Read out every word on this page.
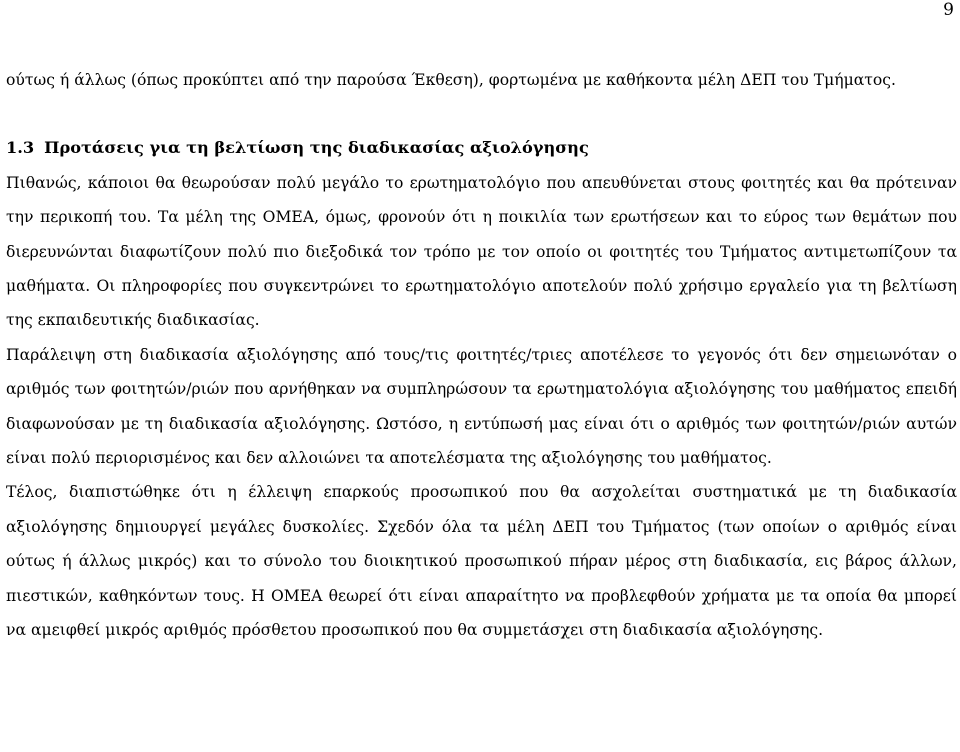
9

ούτως ή άλλως (όπως προκύπτει από την παρούσα Έκθεση), φορτωμένα με καθήκοντα μέλη ΔΕΠ του Τμήματος.

1.3 Προτάσεις για τη βελτίωση της διαδικασίας αξιολόγησης

Πιθανώς, κάποιοι θα θεωρούσαν πολύ μεγάλο το ερωτηματολόγιο που απευθύνεται στους φοιτητές και θα πρότειναν την περικοπή του. Τα μέλη της ΟΜΕΑ, όμως, φρονούν ότι η ποικιλία των ερωτήσεων και το εύρος των θεμάτων που διερευνώνται διαφωτίζουν πολύ πιο διεξοδικά τον τρόπο με τον οποίο οι φοιτητές του Τμήματος αντιμετωπίζουν τα μαθήματα. Οι πληροφορίες που συγκεντρώνει το ερωτηματολόγιο αποτελούν πολύ χρήσιμο εργαλείο για τη βελτίωση της εκπαιδευτικής διαδικασίας.

Παράλειψη στη διαδικασία αξιολόγησης από τους/τις φοιτητές/τριες αποτέλεσε το γεγονός ότι δεν σημειωνόταν ο αριθμός των φοιτητών/ριών που αρνήθηκαν να συμπληρώσουν τα ερωτηματολόγια αξιολόγησης του μαθήματος επειδή διαφωνούσαν με τη διαδικασία αξιολόγησης. Ωστόσο, η εντύπωσή μας είναι ότι ο αριθμός των φοιτητών/ριών αυτών είναι πολύ περιορισμένος και δεν αλλοιώνει τα αποτελέσματα της αξιολόγησης του μαθήματος.

Τέλος, διαπιστώθηκε ότι η έλλειψη επαρκούς προσωπικού που θα ασχολείται συστηματικά με τη διαδικασία αξιολόγησης δημιουργεί μεγάλες δυσκολίες. Σχεδόν όλα τα μέλη ΔΕΠ του Τμήματος (των οποίων ο αριθμός είναι ούτως ή άλλως μικρός) και το σύνολο του διοικητικού προσωπικού πήραν μέρος στη διαδικασία, εις βάρος άλλων, πιεστικών, καθηκόντων τους. Η ΟΜΕΑ θεωρεί ότι είναι απαραίτητο να προβλεφθούν χρήματα με τα οποία θα μπορεί να αμειφθεί μικρός αριθμός πρόσθετου προσωπικού που θα συμμετάσχει στη διαδικασία αξιολόγησης.
